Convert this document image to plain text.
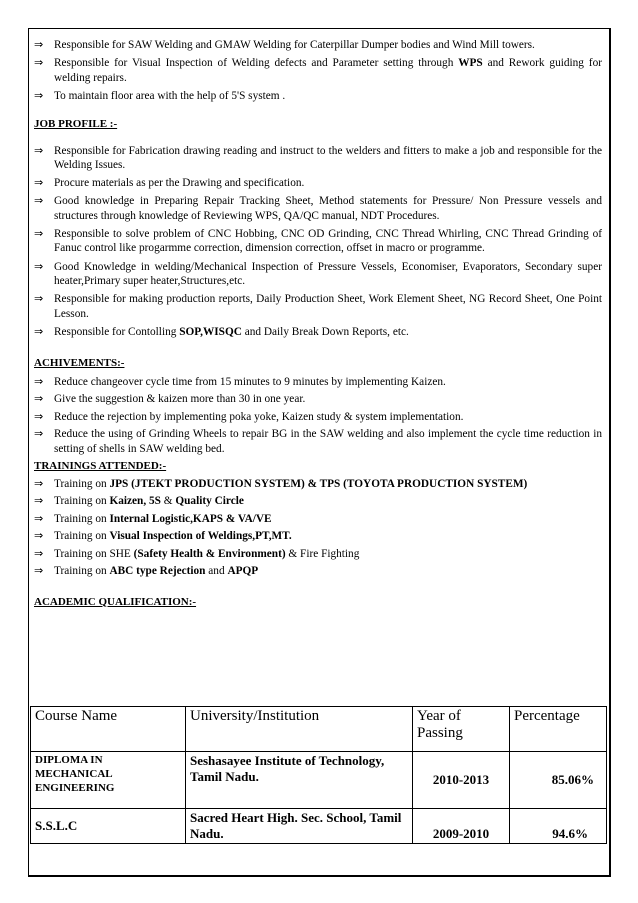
⇒ Responsible for SAW Welding and GMAW Welding for Caterpillar Dumper bodies and Wind Mill towers.
⇒ Responsible for Visual Inspection of Welding defects and Parameter setting through WPS and Rework guiding for welding repairs.
⇒ To maintain floor area with the help of 5'S system .

JOB PROFILE :-

⇒ Responsible for Fabrication drawing reading and instruct to the welders and fitters to make a job and responsible for the Welding Issues.
⇒ Procure materials as per the Drawing and specification.
⇒ Good knowledge in Preparing Repair Tracking Sheet, Method statements for Pressure/ Non Pressure vessels and structures through knowledge of Reviewing WPS, QA/QC manual, NDT Procedures.
⇒ Responsible to solve problem of CNC Hobbing, CNC OD Grinding, CNC Thread Whirling, CNC Thread Grinding of Fanuc control like progarmme correction, dimension correction, offset in macro or programme.
⇒ Good Knowledge in welding/Mechanical Inspection of Pressure Vessels, Economiser, Evaporators, Secondary super heater,Primary super heater,Structures,etc.
⇒ Responsible for making production reports, Daily Production Sheet, Work Element Sheet, NG Record Sheet, One Point Lesson.
⇒ Responsible for Contolling SOP,WISQC and Daily Break Down Reports, etc.

ACHIVEMENTS:-

⇒ Reduce changeover cycle time from 15 minutes to 9 minutes by implementing Kaizen.
⇒ Give the suggestion & kaizen more than 30 in one year.
⇒ Reduce the rejection by implementing poka yoke, Kaizen study & system implementation.
⇒ Reduce the using of Grinding Wheels to repair BG in the SAW welding and also implement the cycle time reduction in setting of shells in SAW welding bed.

TRAININGS ATTENDED:-

⇒ Training on JPS (JTEKT PRODUCTION SYSTEM) & TPS (TOYOTA PRODUCTION SYSTEM)
⇒ Training on Kaizen, 5S & Quality Circle
⇒ Training on Internal Logistic,KAPS & VA/VE
⇒ Training on Visual Inspection of Weldings,PT,MT.
⇒ Training on SHE (Safety Health & Environment) & Fire Fighting
⇒ Training on ABC type Rejection and APQP

ACADEMIC QUALIFICATION:-

Course Name	University/Institution	Year of Passing	Percentage
DIPLOMA IN MECHANICAL ENGINEERING	Seshasayee Institute of Technology, Tamil Nadu.	2010-2013	85.06%
S.S.L.C	Sacred Heart High. Sec. School, Tamil Nadu.	2009-2010	94.6%
